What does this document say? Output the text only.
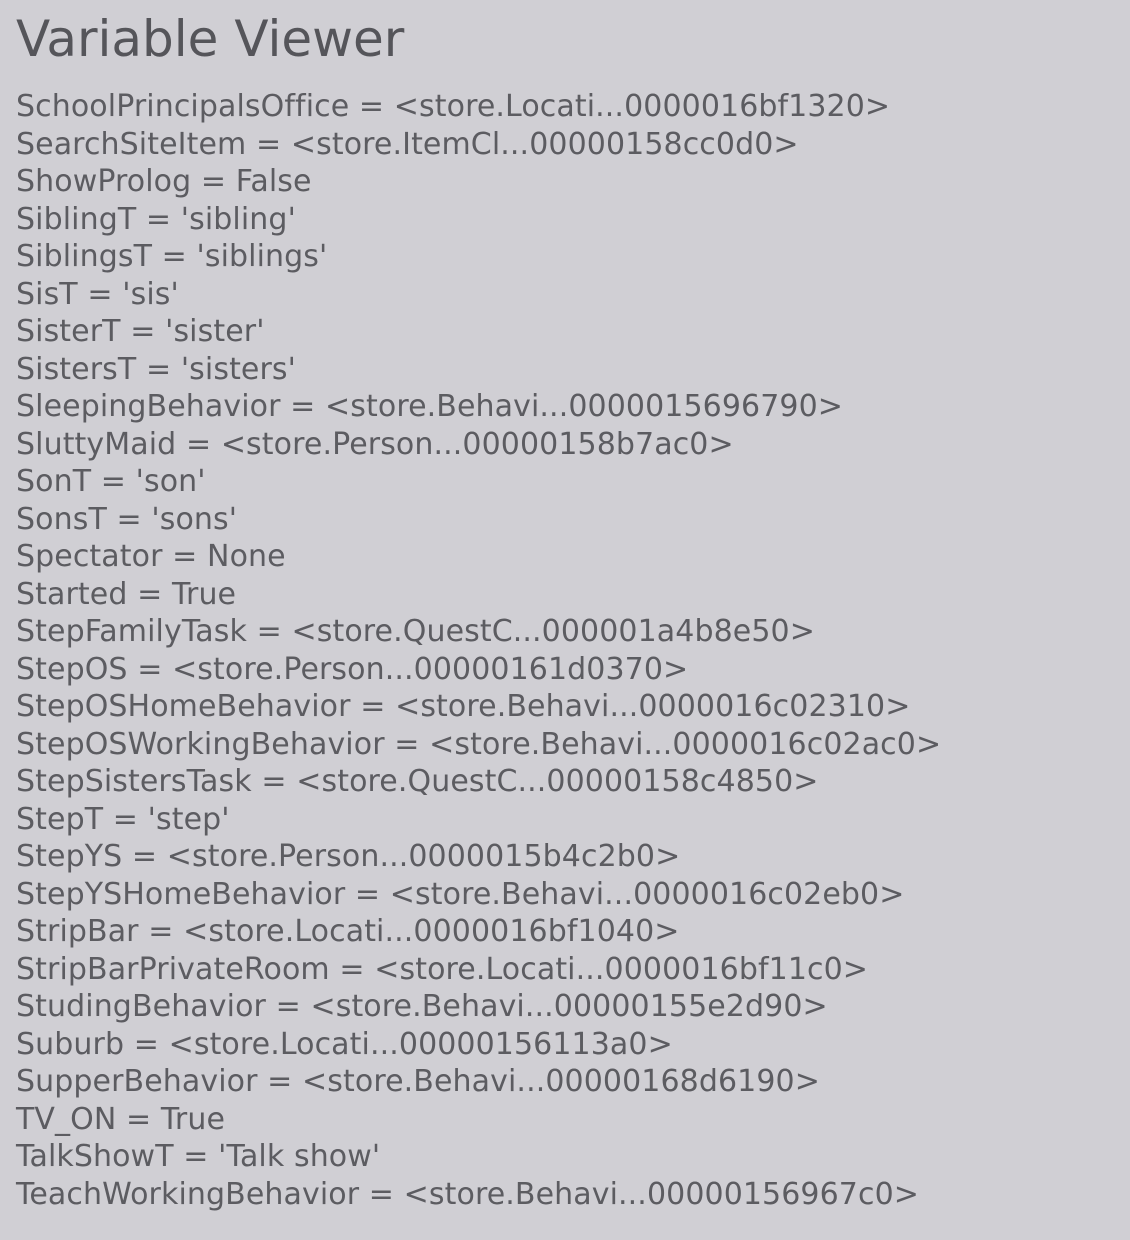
Variable Viewer
SchoolPrincipalsOffice = <store.Locati...0000016bf1320>
SearchSiteItem = <store.ItemCl...00000158cc0d0>
ShowProlog = False
SiblingT = 'sibling'
SiblingsT = 'siblings'
SisT = 'sis'
SisterT = 'sister'
SistersT = 'sisters'
SleepingBehavior = <store.Behavi...0000015696790>
SluttyMaid = <store.Person...00000158b7ac0>
SonT = 'son'
SonsT = 'sons'
Spectator = None
Started = True
StepFamilyTask = <store.QuestC...000001a4b8e50>
StepOS = <store.Person...00000161d0370>
StepOSHomeBehavior = <store.Behavi...0000016c02310>
StepOSWorkingBehavior = <store.Behavi...0000016c02ac0>
StepSistersTask = <store.QuestC...00000158c4850>
StepT = 'step'
StepYS = <store.Person...0000015b4c2b0>
StepYSHomeBehavior = <store.Behavi...0000016c02eb0>
StripBar = <store.Locati...0000016bf1040>
StripBarPrivateRoom = <store.Locati...0000016bf11c0>
StudingBehavior = <store.Behavi...00000155e2d90>
Suburb = <store.Locati...00000156113a0>
SupperBehavior = <store.Behavi...00000168d6190>
TV_ON = True
TalkShowT = 'Talk show'
TeachWorkingBehavior = <store.Behavi...00000156967c0>
